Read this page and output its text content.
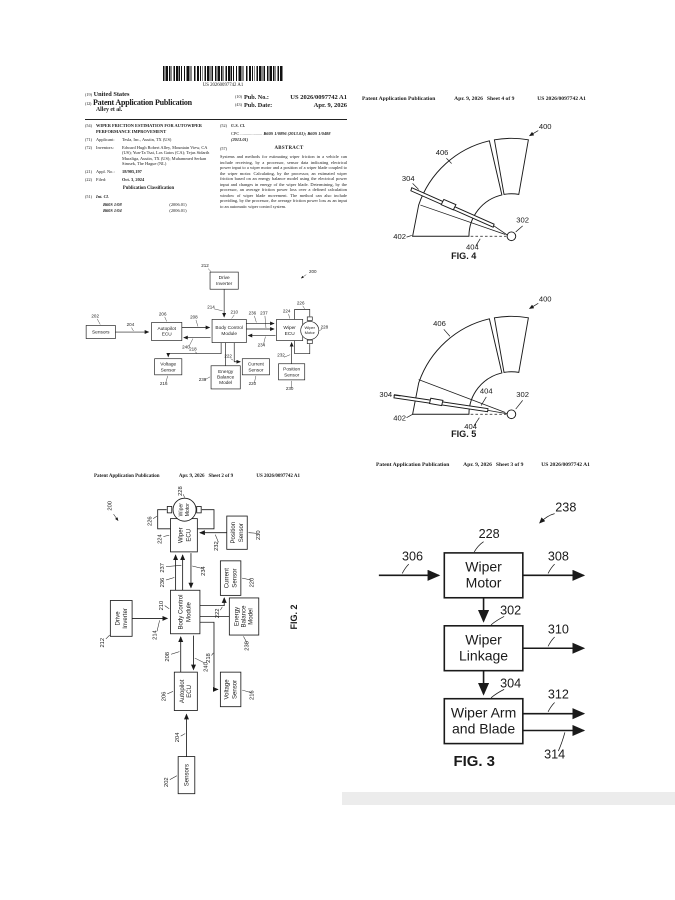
US 20260097742 A1
(19) United States
(12) Patent Application Publication
Alley et al.
(10) Pub. No.:	US 2026/0097742 A1
(43) Pub. Date:	Apr. 9, 2026
(54) WIPER FRICTION ESTIMATION FOR AUTOWIPER PERFORMANCE IMPROVEMENT
(71) Applicant:	Tesla, Inc., Austin, TX (US)
(72) Inventors:	Edward Hugh Robert Alley, Mountain View, CA (US); Yun-Ta Tsai, Los Gatos (CA); Tejas Sidarth Muraliga, Austin, TX (US); Muhammed Serkan Simsek, The Hague (NL)
(21) Appl. No.:	18/905,197
(22) Filed:	Oct. 3, 2024
Publication Classification
(51) Int. Cl.
B60S 1/08	(2006.01)
B60S 1/04	(2006.01)
(52) U.S. Cl.
CPC .................... B60S 1/0896 (2013.01); B60S 1/0488 (2013.01)
(57)	ABSTRACT

Systems and methods for estimating wiper friction in a vehicle can include receiving, by a processor, sensor data indicating electrical power input to a wiper motor and a position of a wiper blade coupled to the wiper motor. Calculating, by the processor, an estimated wiper friction based on an energy balance model using the electrical power input and changes in energy of the wiper blade. Determining, by the processor, an average friction power loss over a defined calculation window of wiper blade movement. The method can also include providing, by the processor, the average friction power loss as an input to an automatic wiper control system.

Sensors
Autopilot
ECU
Body Control
Module
Drive
Inverter
Wiper
ECU
Wiper
Motor
Voltage
Sensor
Current
Sensor Position
Sensor
Energy
Balance
Model
202
204
206
208
240
210
212
214
236 237
234
224
226
228
216
218
220
222
230
232
238
200
Patent Application Publication	Apr. 9, 2026 Sheet 4 of 9	US 2026/0097742 A1
400
406
304
402
404
302
FIG. 4
400
406
304
402
404
404
302
FIG. 5
Patent Application Publication	Apr. 9, 2026 Sheet 2 of 9	US 2026/0097742 A1
Sensors
Autopilot ECU
Body Control Module
Drive Inverter
Wiper ECU
Wiper Motor
Voltage Sensor
Current Sensor
Position Sensor
Energy Balance Model
202
204
206
208
240
210
212
214
236
237	234
224
226
228
216
218
220
222
230
232
238
200
FIG. 2
Patent Application Publication Apr. 9, 2026 Sheet 3 of 9	US 2026/0097742 A1
Wiper
Motor
Wiper
Linkage
Wiper Arm
and Blade
238
228
306	308
302
310
304
312
314
FIG. 3
